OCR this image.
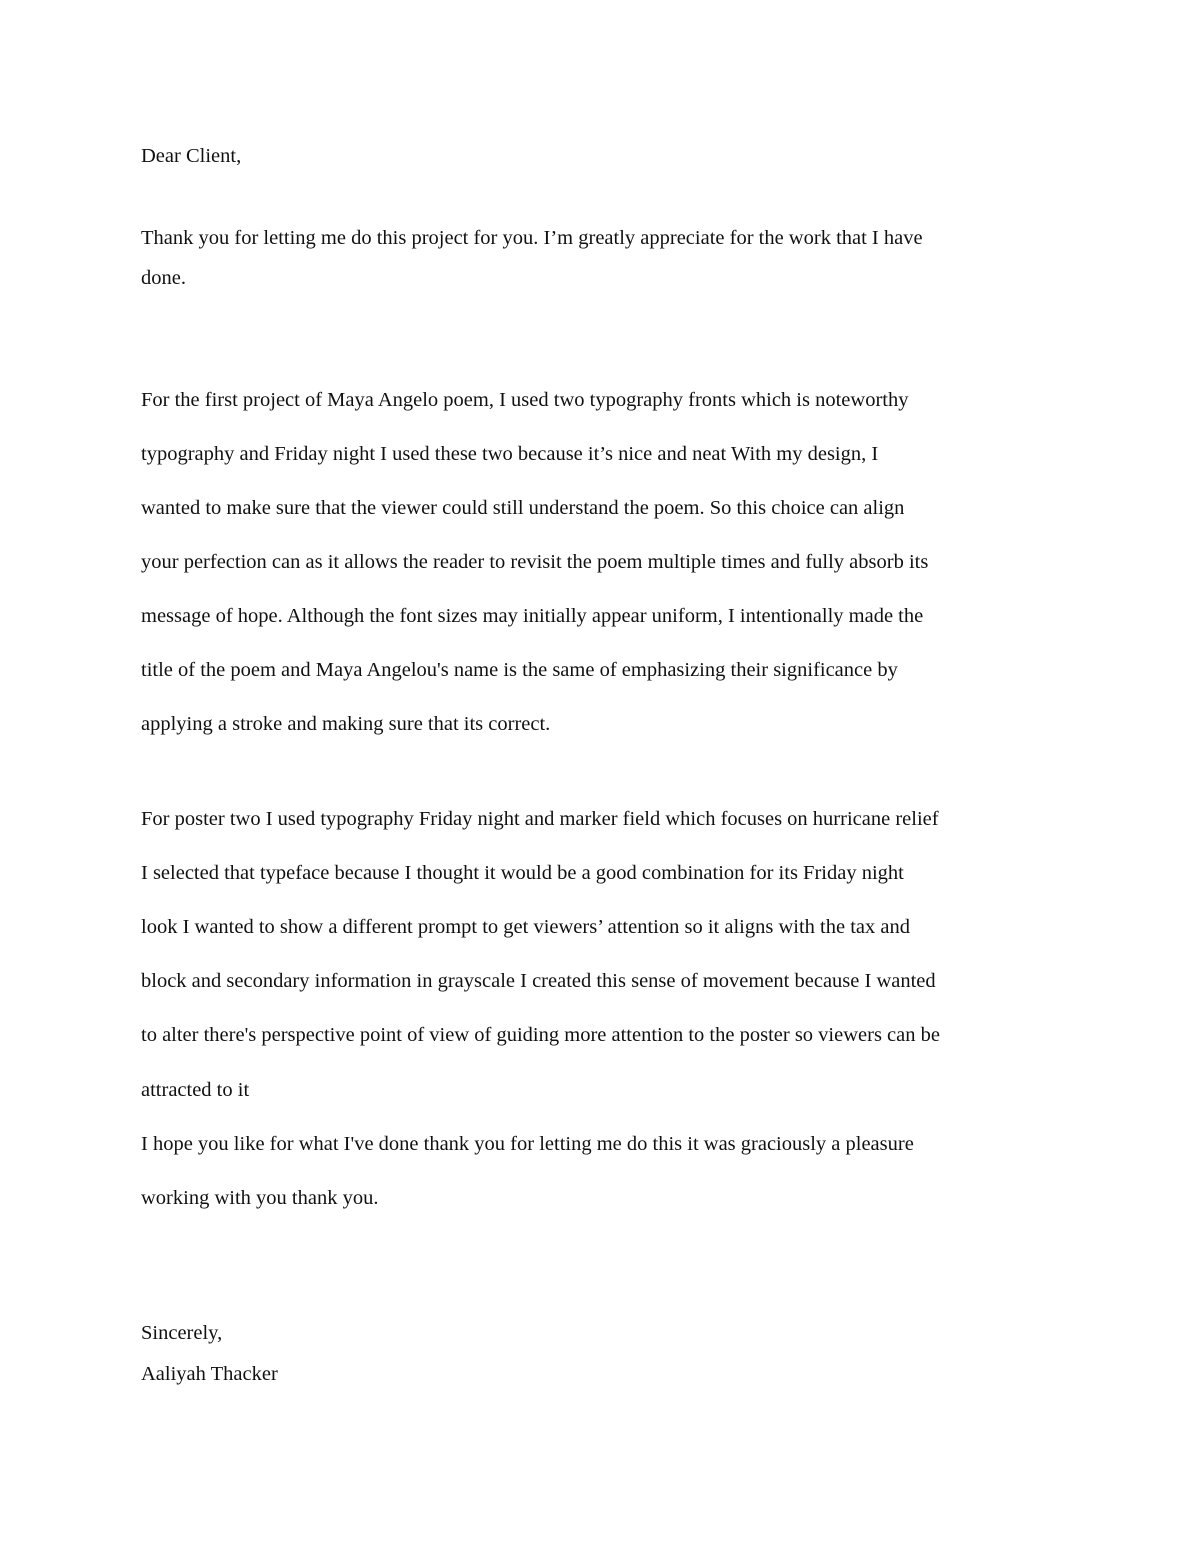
Dear Client,
Thank you for letting me do this project for you. I’m greatly appreciate for the work that I have
done.
For the first project of Maya Angelo poem, I used two typography fronts which is noteworthy
typography and Friday night I used these two because it’s nice and neat With my design, I
wanted to make sure that the viewer could still understand the poem. So this choice can align
your perfection can as it allows the reader to revisit the poem multiple times and fully absorb its
message of hope. Although the font sizes may initially appear uniform, I intentionally made the
title of the poem and Maya Angelou's name is the same of emphasizing their significance by
applying a stroke and making sure that its correct.
For poster two I used typography Friday night and marker field which focuses on hurricane relief
I selected that typeface because I thought it would be a good combination for its Friday night
look I wanted to show a different prompt to get viewers’ attention so it aligns with the tax and
block and secondary information in grayscale I created this sense of movement because I wanted
to alter there's perspective point of view of guiding more attention to the poster so viewers can be
attracted to it
I hope you like for what I've done thank you for letting me do this it was graciously a pleasure
working with you thank you.
Sincerely,
Aaliyah Thacker
